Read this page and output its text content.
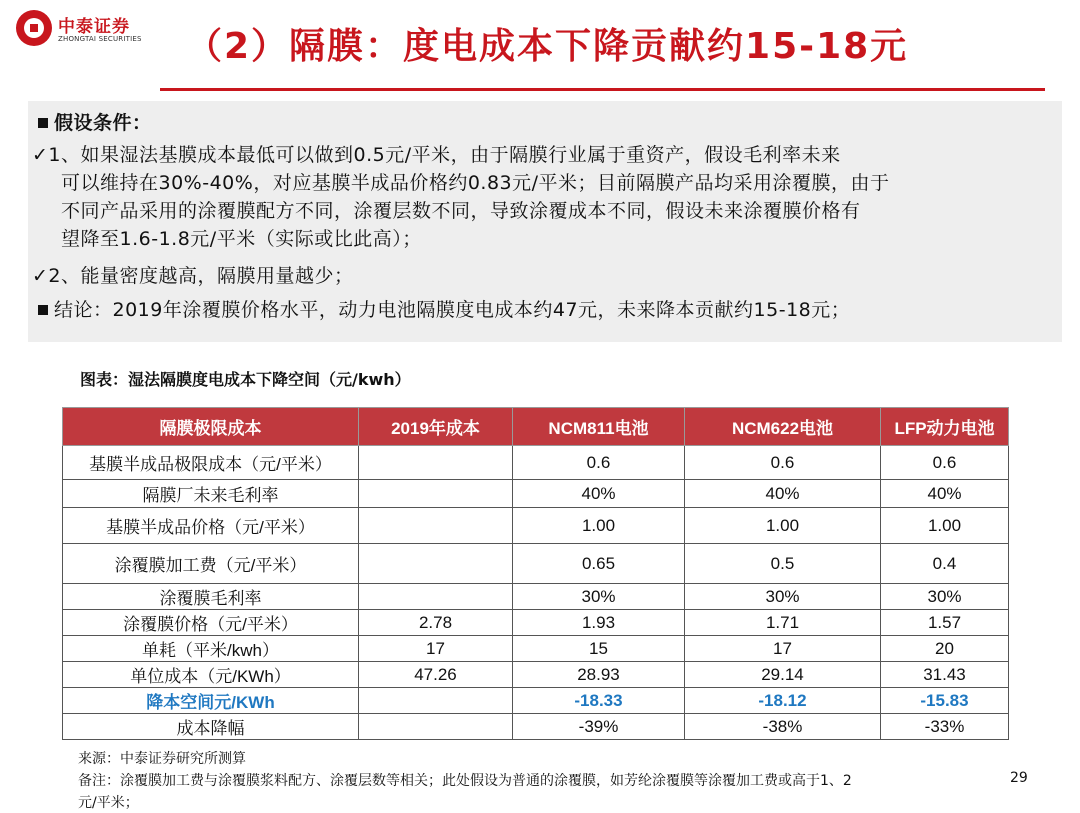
中泰证券
ZHONGTAI SECURITIES （2）隔膜：度电成本下降贡献约15-18元
假设条件：
✓1、如果湿法基膜成本最低可以做到0.5元/平米，由于隔膜行业属于重资产，假设毛利率未来
可以维持在30%-40%，对应基膜半成品价格约0.83元/平米；目前隔膜产品均采用涂覆膜，由于
不同产品采用的涂覆膜配方不同，涂覆层数不同，导致涂覆成本不同，假设未来涂覆膜价格有
望降至1.6-1.8元/平米（实际或比此高）；
✓2、能量密度越高，隔膜用量越少；
结论：2019年涂覆膜价格水平，动力电池隔膜度电成本约47元，未来降本贡献约15-18元；
图表：湿法隔膜度电成本下降空间（元/kwh）
隔膜极限成本	2019年成本	NCM811电池	NCM622电池	LFP动力电池
基膜半成品极限成本（元/平米）		0.6	0.6	0.6
隔膜厂未来毛利率		40%	40%	40%
基膜半成品价格（元/平米）		1.00	1.00	1.00
涂覆膜加工费（元/平米）		0.65	0.5	0.4
涂覆膜毛利率		30%	30%	30%
涂覆膜价格（元/平米）	2.78	1.93	1.71	1.57
单耗（平米/kwh）	17	15	17	20
单位成本（元/KWh）	47.26	28.93	29.14	31.43
降本空间元/KWh		-18.33	-18.12	-15.83
成本降幅		-39%	-38%	-33%
来源：中泰证券研究所测算
备注：涂覆膜加工费与涂覆膜浆料配方、涂覆层数等相关；此处假设为普通的涂覆膜，如芳纶涂覆膜等涂覆加工费或高于1、2
元/平米；
29
